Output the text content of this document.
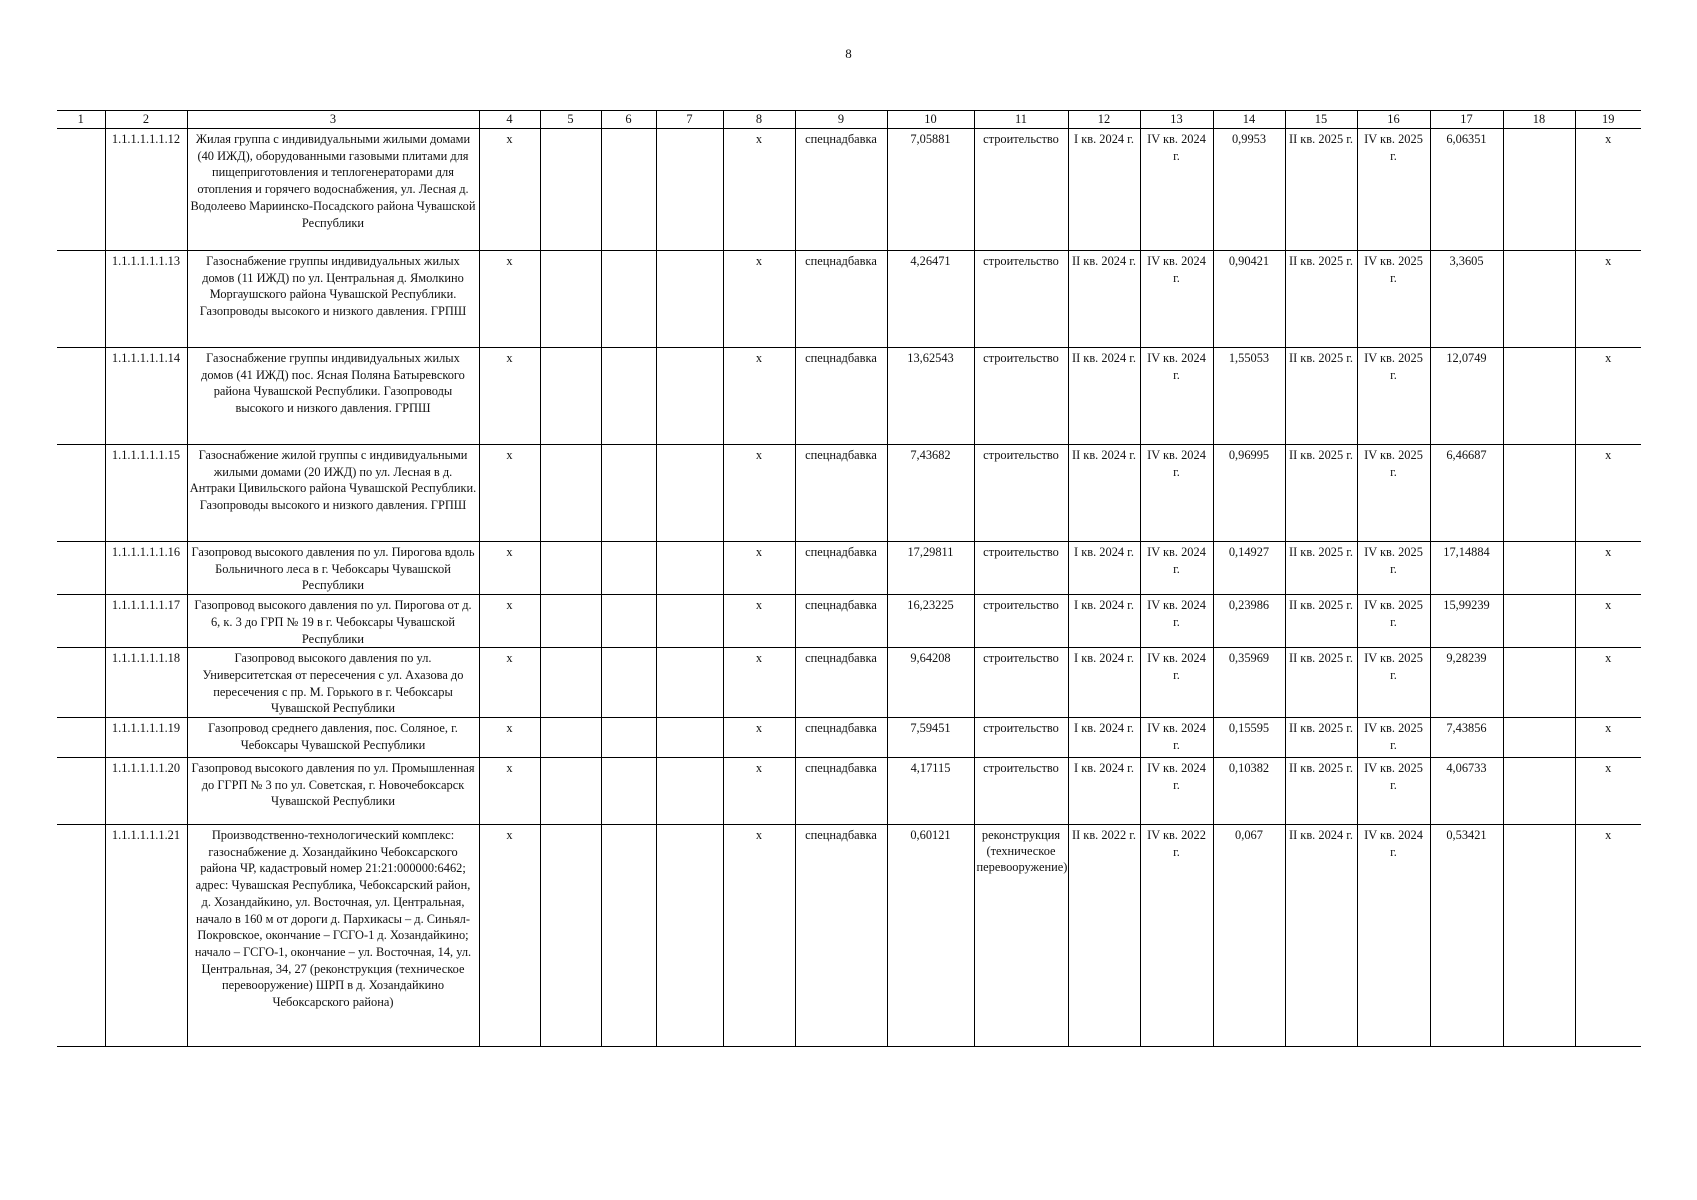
8
1	2	3	4	5	6	7	8	9	10	11	12	13	14	15	16	17	18	19
	1.1.1.1.1.1.12	Жилая группа с индивидуальными жилыми домами (40 ИЖД), оборудованными газовыми плитами для пищеприготовления и теплогенераторами для отопления и горячего водоснабжения, ул. Лесная д. Водолеево Мариинско-Посадского района Чувашской Республики	х				х	спецнадбавка	7,05881	строительство	I кв. 2024 г.	IV кв. 2024 г.	0,9953	II кв. 2025 г.	IV кв. 2025 г.	6,06351		х
	1.1.1.1.1.1.13	Газоснабжение группы индивидуальных жилых домов (11 ИЖД) по ул. Центральная д. Ямолкино Моргаушского района Чувашской Республики. Газопроводы высокого и низкого давления. ГРПШ	х				х	спецнадбавка	4,26471	строительство	II кв. 2024 г.	IV кв. 2024 г.	0,90421	II кв. 2025 г.	IV кв. 2025 г.	3,3605		х
	1.1.1.1.1.1.14	Газоснабжение группы индивидуальных жилых домов (41 ИЖД) пос. Ясная Поляна Батыревского района Чувашской Республики. Газопроводы высокого и низкого давления. ГРПШ	х				х	спецнадбавка	13,62543	строительство	II кв. 2024 г.	IV кв. 2024 г.	1,55053	II кв. 2025 г.	IV кв. 2025 г.	12,0749		х
	1.1.1.1.1.1.15	Газоснабжение жилой группы с индивидуальными жилыми домами (20 ИЖД) по ул. Лесная в д. Антраки Цивильского района Чувашской Республики. Газопроводы высокого и низкого давления. ГРПШ	х				х	спецнадбавка	7,43682	строительство	II кв. 2024 г.	IV кв. 2024 г.	0,96995	II кв. 2025 г.	IV кв. 2025 г.	6,46687		х
	1.1.1.1.1.1.16	Газопровод высокого давления по ул. Пирогова вдоль Больничного леса в г. Чебоксары Чувашской Республики	х				х	спецнадбавка	17,29811	строительство	I кв. 2024 г.	IV кв. 2024 г.	0,14927	II кв. 2025 г.	IV кв. 2025 г.	17,14884		х
	1.1.1.1.1.1.17	Газопровод высокого давления по ул. Пирогова от д. 6, к. 3 до ГРП № 19 в г. Чебоксары Чувашской Республики	х				х	спецнадбавка	16,23225	строительство	I кв. 2024 г.	IV кв. 2024 г.	0,23986	II кв. 2025 г.	IV кв. 2025 г.	15,99239		х
	1.1.1.1.1.1.18	Газопровод высокого давления по ул. Университетская от пересечения с ул. Ахазова до пересечения с пр. М. Горького в г. Чебоксары Чувашской Республики	х				х	спецнадбавка	9,64208	строительство	I кв. 2024 г.	IV кв. 2024 г.	0,35969	II кв. 2025 г.	IV кв. 2025 г.	9,28239		х
	1.1.1.1.1.1.19	Газопровод среднего давления, пос. Соляное, г. Чебоксары Чувашской Республики	х				х	спецнадбавка	7,59451	строительство	I кв. 2024 г.	IV кв. 2024 г.	0,15595	II кв. 2025 г.	IV кв. 2025 г.	7,43856		х
	1.1.1.1.1.1.20	Газопровод высокого давления по ул. Промышленная до ГГРП № 3 по ул. Советская, г. Новочебоксарск Чувашской Республики	х				х	спецнадбавка	4,17115	строительство	I кв. 2024 г.	IV кв. 2024 г.	0,10382	II кв. 2025 г.	IV кв. 2025 г.	4,06733		х
	1.1.1.1.1.1.21	Производственно-технологический комплекс: газоснабжение д. Хозандайкино Чебоксарского района ЧР, кадастровый номер 21:21:000000:6462; адрес: Чувашская Республика, Чебоксарский район, д. Хозандайкино, ул. Восточная, ул. Центральная, начало в 160 м от дороги д. Пархикасы – д. Синьял-Покровское, окончание – ГСГО-1 д. Хозандайкино; начало – ГСГО-1, окончание – ул. Восточная, 14, ул. Центральная, 34, 27 (реконструкция (техническое перевооружение) ШРП в д. Хозандайкино Чебоксарского района)	х				х	спецнадбавка	0,60121	реконструкция (техническое перевооружение)	II кв. 2022 г.	IV кв. 2022 г.	0,067	II кв. 2024 г.	IV кв. 2024 г.	0,53421		х
